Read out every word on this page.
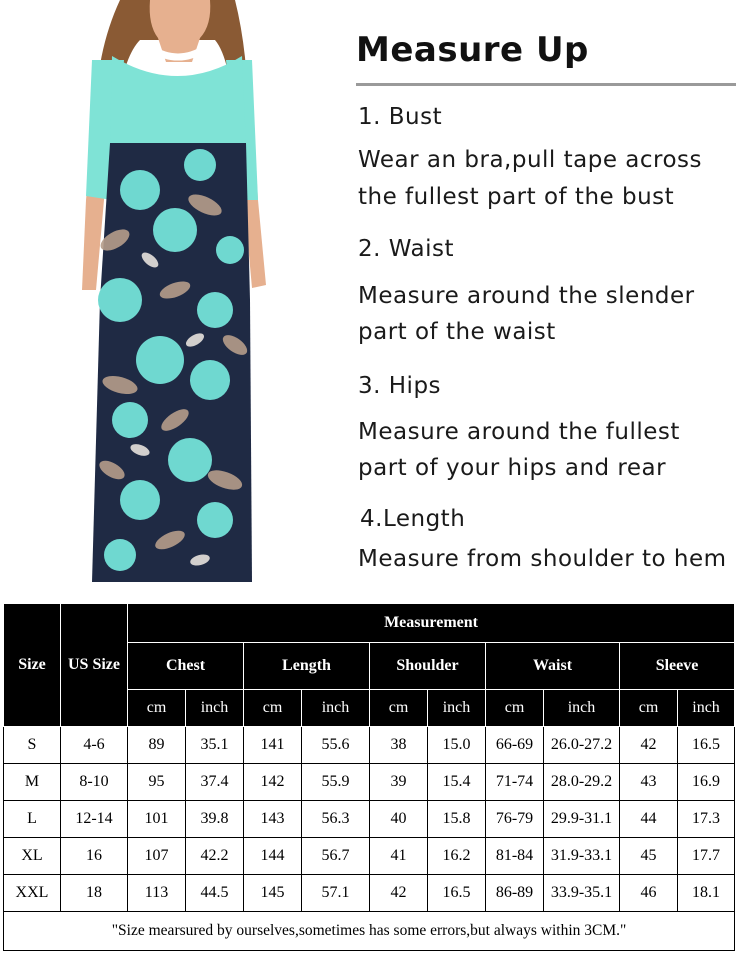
Measure Up
1. Bust
Wear an bra,pull tape across
the fullest part of the bust
2. Waist
Measure around the slender
part of the waist
3. Hips
Measure around the fullest
part of your hips and rear
4.Length
Measure from shoulder to hem
Size	US Size	Measurement									
		Chest		Length		Shoulder		Waist		Sleeve	
		cm	inch	cm	inch	cm	inch	cm	inch	cm	inch
S	4-6	89	35.1	141	55.6	38	15.0	66-69	26.0-27.2	42	16.5
M	8-10	95	37.4	142	55.9	39	15.4	71-74	28.0-29.2	43	16.9
L	12-14	101	39.8	143	56.3	40	15.8	76-79	29.9-31.1	44	17.3
XL	16	107	42.2	144	56.7	41	16.2	81-84	31.9-33.1	45	17.7
XXL	18	113	44.5	145	57.1	42	16.5	86-89	33.9-35.1	46	18.1
"Size mearsured by ourselves,sometimes has some errors,but always within 3CM."											
